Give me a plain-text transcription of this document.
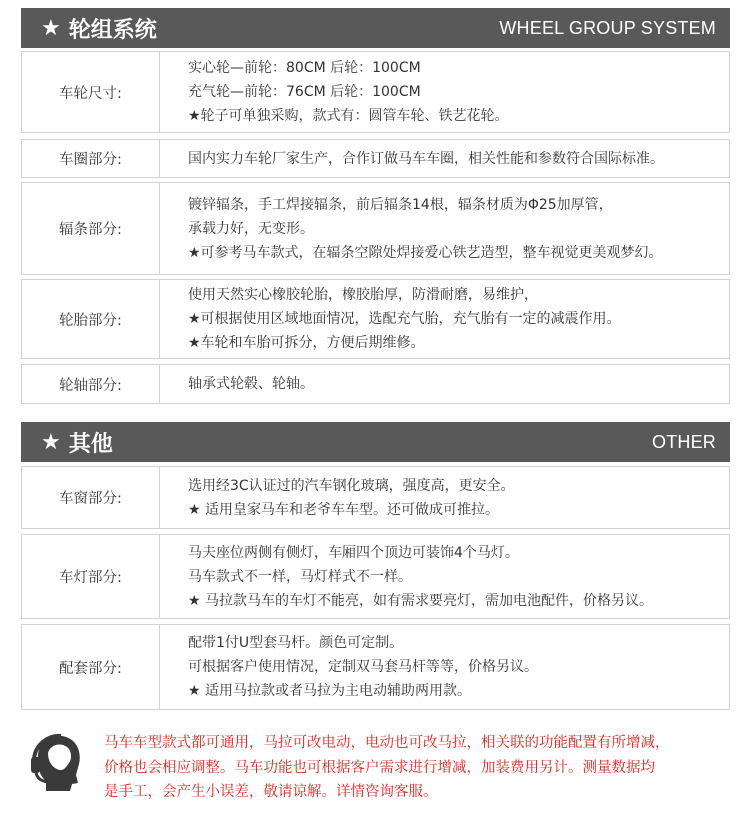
★ 轮组系统	WHEEL GROUP SYSTEM
车轮尺寸:
实心轮—前轮：80CM 后轮：100CM
充气轮—前轮：76CM 后轮：100CM
★轮子可单独采购，款式有：圆管车轮、铁艺花轮。
车圈部分:	国内实力车轮厂家生产，合作订做马车车圈，相关性能和参数符合国际标准。
辐条部分:
镀锌辐条，手工焊接辐条，前后辐条14根，辐条材质为Φ25加厚管，
承载力好，无变形。
★可参考马车款式，在辐条空隙处焊接爱心铁艺造型，整车视觉更美观梦幻。
轮胎部分:
使用天然实心橡胶轮胎，橡胶胎厚，防滑耐磨，易维护，
★可根据使用区域地面情况，选配充气胎，充气胎有一定的减震作用。
★车轮和车胎可拆分，方便后期维修。
轮轴部分:	轴承式轮毂、轮轴。
★ 其他	OTHER
车窗部分:
选用经3C认证过的汽车钢化玻璃，强度高，更安全。
★ 适用皇家马车和老爷车车型。还可做成可推拉。
车灯部分:
马夫座位两侧有侧灯，车厢四个顶边可装饰4个马灯。
马车款式不一样，马灯样式不一样。
★ 马拉款马车的车灯不能亮，如有需求要亮灯，需加电池配件，价格另议。
配套部分:
配带1付U型套马杆。颜色可定制。
可根据客户使用情况，定制双马套马杆等等，价格另议。
★ 适用马拉款或者马拉为主电动辅助两用款。
马车车型款式都可通用，马拉可改电动，电动也可改马拉，相关联的功能配置有所增减，
价格也会相应调整。马车功能也可根据客户需求进行增减，加装费用另计。测量数据均
是手工，会产生小误差，敬请谅解。详情咨询客服。
